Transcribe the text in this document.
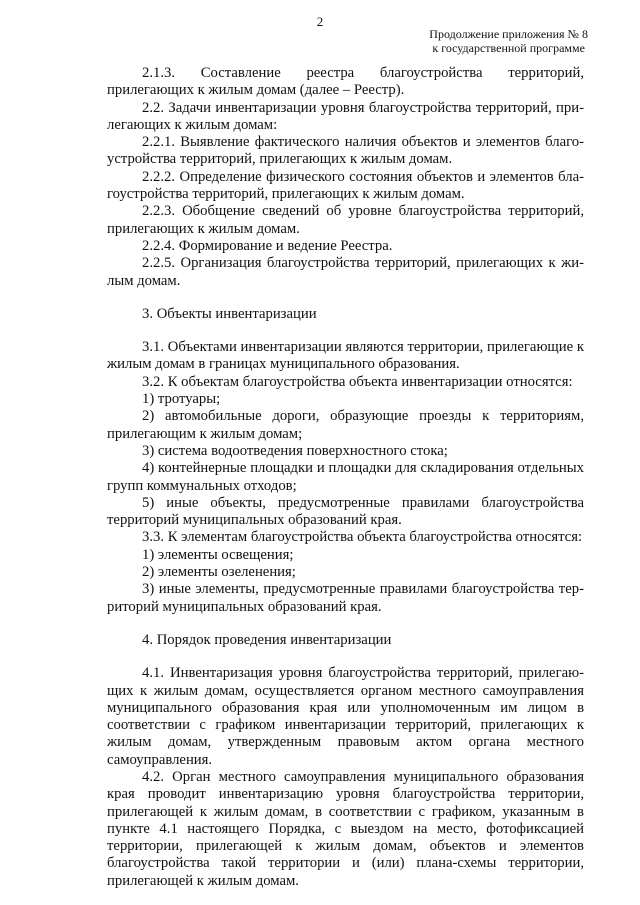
2
Продолжение приложения № 8
к государственной программе

2.1.3. Составление реестра благоустройства территорий, прилегающих к жилым домам (далее – Реестр).

2.2. Задачи инвентаризации уровня благоустройства территорий, прилегающих к жилым домам:

2.2.1. Выявление фактического наличия объектов и элементов благоустройства территорий, прилегающих к жилым домам.

2.2.2. Определение физического состояния объектов и элементов благоустройства территорий, прилегающих к жилым домам.

2.2.3. Обобщение сведений об уровне благоустройства территорий, прилегающих к жилым домам.

2.2.4. Формирование и ведение Реестра.

2.2.5. Организация благоустройства территорий, прилегающих к жилым домам.

3. Объекты инвентаризации

3.1. Объектами инвентаризации являются территории, прилегающие к жилым домам в границах муниципального образования.

3.2. К объектам благоустройства объекта инвентаризации относятся:

1) тротуары;

2) автомобильные дороги, образующие проезды к территориям, прилегающим к жилым домам;

3) система водоотведения поверхностного стока;

4) контейнерные площадки и площадки для складирования отдельных групп коммунальных отходов;

5) иные объекты, предусмотренные правилами благоустройства территорий муниципальных образований края.

3.3. К элементам благоустройства объекта благоустройства относятся:

1) элементы освещения;

2) элементы озеленения;

3) иные элементы, предусмотренные правилами благоустройства территорий муниципальных образований края.

4. Порядок проведения инвентаризации

4.1. Инвентаризация уровня благоустройства территорий, прилегающих к жилым домам, осуществляется органом местного самоуправления муниципального образования края или уполномоченным им лицом в соответствии с графиком инвентаризации территорий, прилегающих к жилым домам, утвержденным правовым актом органа местного самоуправления.

4.2. Орган местного самоуправления муниципального образования края проводит инвентаризацию уровня благоустройства территории, прилегающей к жилым домам, в соответствии с графиком, указанным в пункте 4.1 настоящего Порядка, с выездом на место, фотофиксацией территории, прилегающей к жилым домам, объектов и элементов благоустройства такой территории и (или) плана-схемы территории, прилегающей к жилым домам.
